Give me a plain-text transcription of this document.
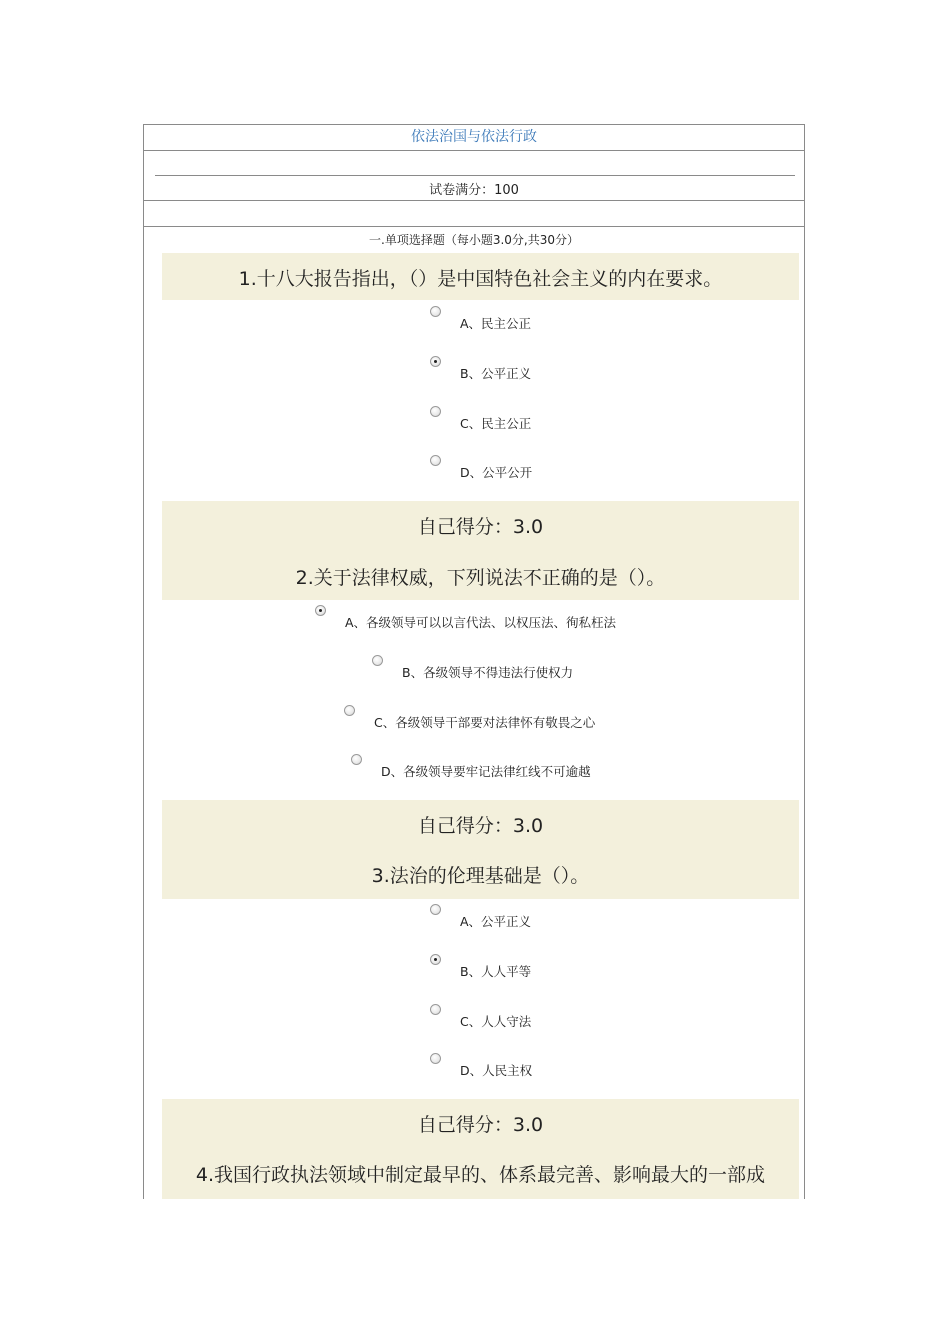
依法治国与依法行政
试卷满分：100
一.单项选择题（每小题3.0分,共30分）
1.十八大报告指出，（）是中国特色社会主义的内在要求。
A、民主公正
B、公平正义
C、民主公正
D、公平公开
自己得分：3.0
2.关于法律权威，下列说法不正确的是（）。
A、各级领导可以以言代法、以权压法、徇私枉法
B、各级领导不得违法行使权力
C、各级领导干部要对法律怀有敬畏之心
D、各级领导要牢记法律红线不可逾越
自己得分：3.0
3.法治的伦理基础是（）。
A、公平正义
B、人人平等
C、人人守法
D、人民主权
自己得分：3.0
4.我国行政执法领域中制定最早的、体系最完善、影响最大的一部成
